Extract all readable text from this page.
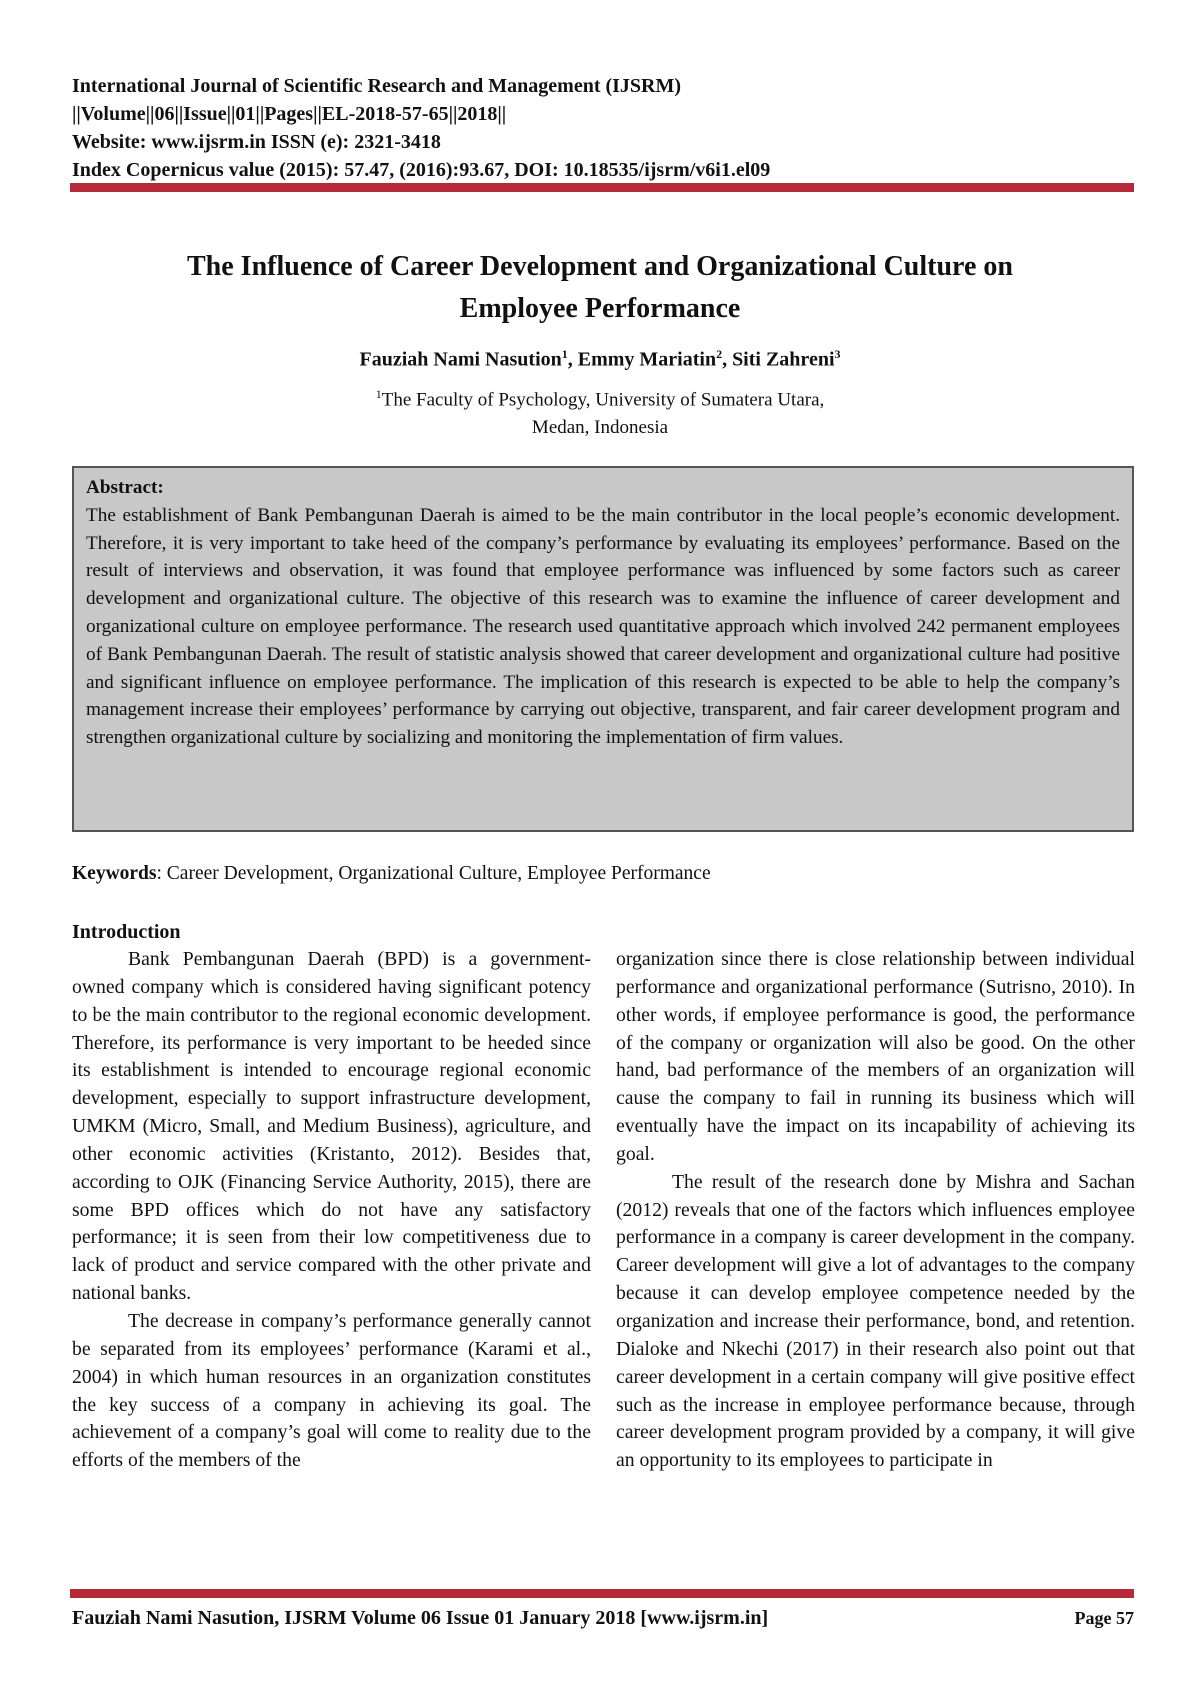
International Journal of Scientific Research and Management (IJSRM)
||Volume||06||Issue||01||Pages||EL-2018-57-65||2018||
Website: www.ijsrm.in ISSN (e): 2321-3418
Index Copernicus value (2015): 57.47, (2016):93.67, DOI: 10.18535/ijsrm/v6i1.el09
The Influence of Career Development and Organizational Culture on
Employee Performance
Fauziah Nami Nasution$^1$, Emmy Mariatin$^2$, Siti Zahreni$^3$
$^1$The Faculty of Psychology, University of Sumatera Utara,
Medan, Indonesia
Abstract:
The establishment of Bank Pembangunan Daerah is aimed to be the main contributor in the local people’s economic development. Therefore, it is very important to take heed of the company’s performance by evaluating its employees’ performance. Based on the result of interviews and observation, it was found that employee performance was influenced by some factors such as career development and organizational culture. The objective of this research was to examine the influence of career development and organizational culture on employee performance. The research used quantitative approach which involved 242 permanent employees of Bank Pembangunan Daerah. The result of statistic analysis showed that career development and organizational culture had positive and significant influence on employee performance. The implication of this research is expected to be able to help the company’s management increase their employees’ performance by carrying out objective, transparent, and fair career development program and strengthen organizational culture by socializing and monitoring the implementation of firm values.
Keywords: Career Development, Organizational Culture, Employee Performance
Introduction

Bank Pembangunan Daerah (BPD) is a government-owned company which is considered having significant potency to be the main contributor to the regional economic development. Therefore, its performance is very important to be heeded since its establishment is intended to encourage regional economic development, especially to support infrastructure development, UMKM (Micro, Small, and Medium Business), agriculture, and other economic activities (Kristanto, 2012). Besides that, according to OJK (Financing Service Authority, 2015), there are some BPD offices which do not have any satisfactory performance; it is seen from their low competitiveness due to lack of product and service compared with the other private and national banks.

The decrease in company’s performance generally cannot be separated from its employees’ performance (Karami et al., 2004) in which human resources in an organization constitutes the key success of a company in achieving its goal. The achievement of a company’s goal will come to reality due to the efforts of the members of the

organization since there is close relationship between individual performance and organizational performance (Sutrisno, 2010). In other words, if employee performance is good, the performance of the company or organization will also be good. On the other hand, bad performance of the members of an organization will cause the company to fail in running its business which will eventually have the impact on its incapability of achieving its goal.

The result of the research done by Mishra and Sachan (2012) reveals that one of the factors which influences employee performance in a company is career development in the company. Career development will give a lot of advantages to the company because it can develop employee competence needed by the organization and increase their performance, bond, and retention. Dialoke and Nkechi (2017) in their research also point out that career development in a certain company will give positive effect such as the increase in employee performance because, through career development program provided by a company, it will give an opportunity to its employees to participate in

Fauziah Nami Nasution, IJSRM Volume 06 Issue 01 January 2018 [www.ijsrm.in]	Page 57
